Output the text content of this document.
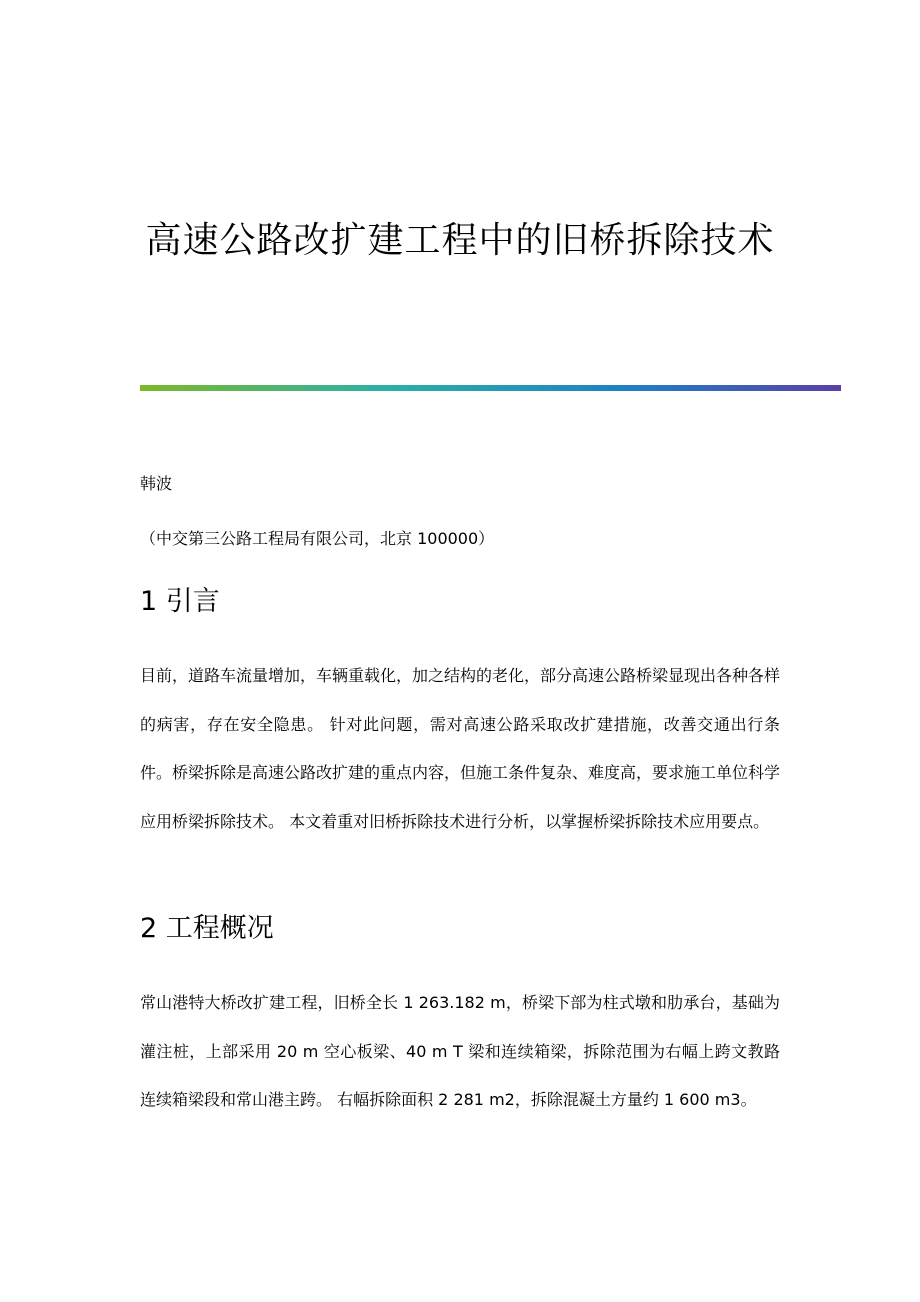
高速公路改扩建工程中的旧桥拆除技术
韩波
（中交第三公路工程局有限公司，北京 100000）
1 引言
目前，道路车流量增加，车辆重载化，加之结构的老化，部分高速公路桥梁显现出各种各样的病害，存在安全隐患。 针对此问题，需对高速公路采取改扩建措施，改善交通出行条件。桥梁拆除是高速公路改扩建的重点内容，但施工条件复杂、难度高，要求施工单位科学应用桥梁拆除技术。 本文着重对旧桥拆除技术进行分析，以掌握桥梁拆除技术应用要点。
2 工程概况
常山港特大桥改扩建工程，旧桥全长 1 263.182 m，桥梁下部为柱式墩和肋承台，基础为灌注桩，上部采用 20 m 空心板梁、40 m T 梁和连续箱梁，拆除范围为右幅上跨文教路连续箱梁段和常山港主跨。 右幅拆除面积 2 281 m2，拆除混凝土方量约 1 600 m3。
